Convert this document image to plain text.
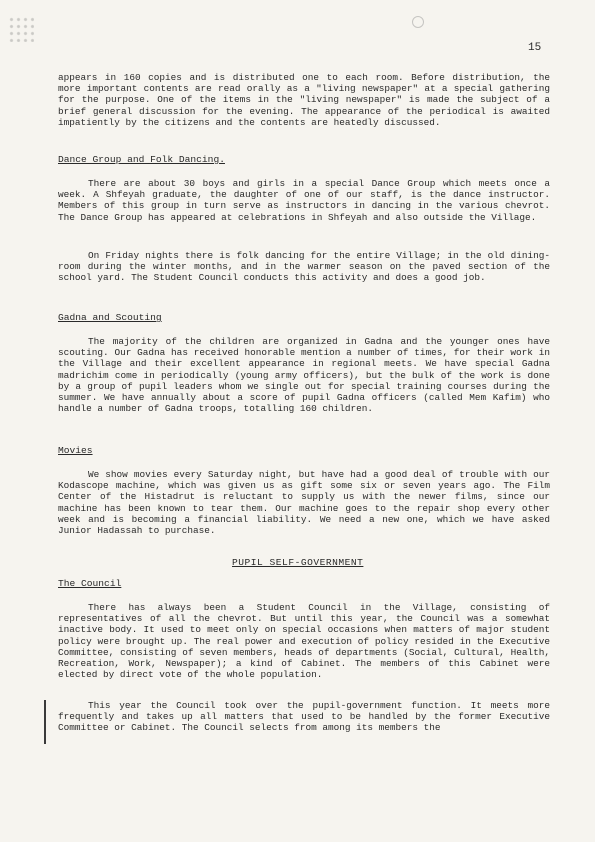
15

appears in 160 copies and is distributed one to each room. Before distribution, the more important contents are read orally as a "living newspaper" at a special gathering for the purpose. One of the items in the "living newspaper" is made the subject of a brief general discussion for the evening. The appearance of the periodical is awaited impatiently by the citizens and the contents are heatedly discussed.

Dance Group and Folk Dancing.

There are about 30 boys and girls in a special Dance Group which meets once a week. A Shfeyah graduate, the daughter of one of our staff, is the dance instructor. Members of this group in turn serve as instructors in dancing in the various chevrot. The Dance Group has appeared at celebrations in Shfeyah and also outside the Village.

On Friday nights there is folk dancing for the entire Village; in the old dining-room during the winter months, and in the warmer season on the paved section of the school yard. The Student Council conducts this activity and does a good job.

Gadna and Scouting

The majority of the children are organized in Gadna and the younger ones have scouting. Our Gadna has received honorable mention a number of times, for their work in the Village and their excellent appearance in regional meets. We have special Gadna madrichim come in periodically (young army officers), but the bulk of the work is done by a group of pupil leaders whom we single out for special training courses during the summer. We have annually about a score of pupil Gadna officers (called Mem Kafim) who handle a number of Gadna troops, totalling 160 children.

Movies

We show movies every Saturday night, but have had a good deal of trouble with our Kodascope machine, which was given us as gift some six or seven years ago. The Film Center of the Histadrut is reluctant to supply us with the newer films, since our machine has been known to tear them. Our machine goes to the repair shop every other week and is becoming a financial liability. We need a new one, which we have asked Junior Hadassah to purchase.

PUPIL SELF-GOVERNMENT

The Council

There has always been a Student Council in the Village, consisting of representatives of all the chevrot. But until this year, the Council was a somewhat inactive body. It used to meet only on special occasions when matters of major student policy were brought up. The real power and execution of policy resided in the Executive Committee, consisting of seven members, heads of departments (Social, Cultural, Health, Recreation, Work, Newspaper); a kind of Cabinet. The members of this Cabinet were elected by direct vote of the whole population.

This year the Council took over the pupil-government function. It meets more frequently and takes up all matters that used to be handled by the former Executive Committee or Cabinet. The Council selects from among its members the
